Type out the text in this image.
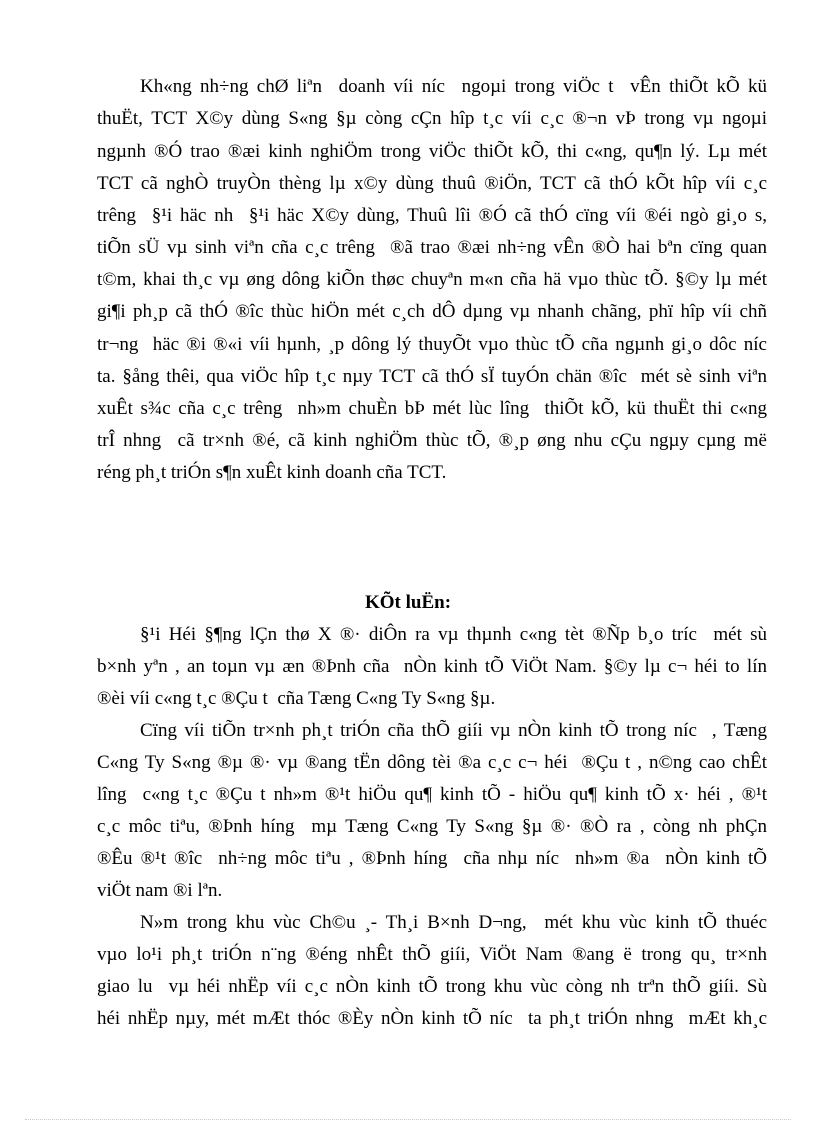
Kh«ng nh÷ng chØ liªn  doanh víi níc  ngoµi trong viÖc t  vÊn thiÕt kÕ kü
thuËt, TCT X©y dùng S«ng §µ còng cÇn hîp t¸c víi c¸c ®¬n vÞ trong vµ ngoµi
ngµnh ®Ó trao ®æi kinh nghiÖm trong viÖc thiÕt kÕ, thi c«ng, qu¶n lý. Lµ mét
TCT cã nghÒ truyÒn thèng lµ x©y dùng thuû ®iÖn, TCT cã thÓ kÕt hîp víi c¸c
trêng  §¹i häc nh  §¹i häc X©y dùng, Thuû lîi ®Ó cã thÓ cïng víi ®éi ngò gi¸o s,
tiÕn sÜ vµ sinh viªn cña c¸c trêng  ®ã trao ®æi nh÷ng vÊn ®Ò hai bªn cïng quan
t©m, khai th¸c vµ øng dông kiÕn thøc chuyªn m«n cña hä vµo thùc tÕ. §©y lµ mét
gi¶i ph¸p cã thÓ ®îc thùc hiÖn mét c¸ch dÔ dµng vµ nhanh chãng, phï hîp víi chñ
tr¬ng  häc ®i ®«i víi hµnh, ¸p dông lý thuyÕt vµo thùc tÕ cña ngµnh gi¸o dôc níc
ta. §ång thêi, qua viÖc hîp t¸c nµy TCT cã thÓ sÏ tuyÓn chän ®îc  mét sè sinh viªn
xuÊt s¾c cña c¸c trêng  nh»m chuÈn bÞ mét lùc lîng  thiÕt kÕ, kü thuËt thi c«ng
trÎ nhng  cã tr×nh ®é, cã kinh nghiÖm thùc tÕ, ®¸p øng nhu cÇu ngµy cµng më
réng ph¸t triÓn s¶n xuÊt kinh doanh cña TCT.
KÕt luËn:
§¹i Héi §¶ng lÇn thø X ®· diÔn ra vµ thµnh c«ng tèt ®Ñp b¸o tríc  mét sù
b×nh yªn , an toµn vµ æn ®Þnh cña  nÒn kinh tÕ ViÖt Nam. §©y lµ c¬ héi to lín
®èi víi c«ng t¸c ®Çu t  cña Tæng C«ng Ty S«ng §µ.
Cïng víi tiÕn tr×nh ph¸t triÓn cña thÕ giíi vµ nÒn kinh tÕ trong níc  , Tæng
C«ng Ty S«ng ®µ ®· vµ ®ang tËn dông tèi ®a c¸c c¬ héi  ®Çu t , n©ng cao chÊt
lîng  c«ng t¸c ®Çu t nh»m ®¹t hiÖu qu¶ kinh tÕ - hiÖu qu¶ kinh tÕ x· héi , ®¹t
c¸c môc tiªu, ®Þnh híng  mµ Tæng C«ng Ty S«ng §µ ®· ®Ò ra , còng nh phÇn
®Êu ®¹t ®îc  nh÷ng môc tiªu , ®Þnh híng  cña nhµ níc  nh»m ®a  nÒn kinh tÕ
viÖt nam ®i lªn.
N»m trong khu vùc Ch©u ¸- Th¸i B×nh D¬ng,  mét khu vùc kinh tÕ thuéc
vµo lo¹i ph¸t triÓn n¨ng ®éng nhÊt thÕ giíi, ViÖt Nam ®ang ë trong qu¸ tr×nh
giao lu  vµ héi nhËp víi c¸c nÒn kinh tÕ trong khu vùc còng nh trªn thÕ giíi. Sù
héi nhËp nµy, mét mÆt thóc ®Èy nÒn kinh tÕ níc  ta ph¸t triÓn nhng  mÆt kh¸c
